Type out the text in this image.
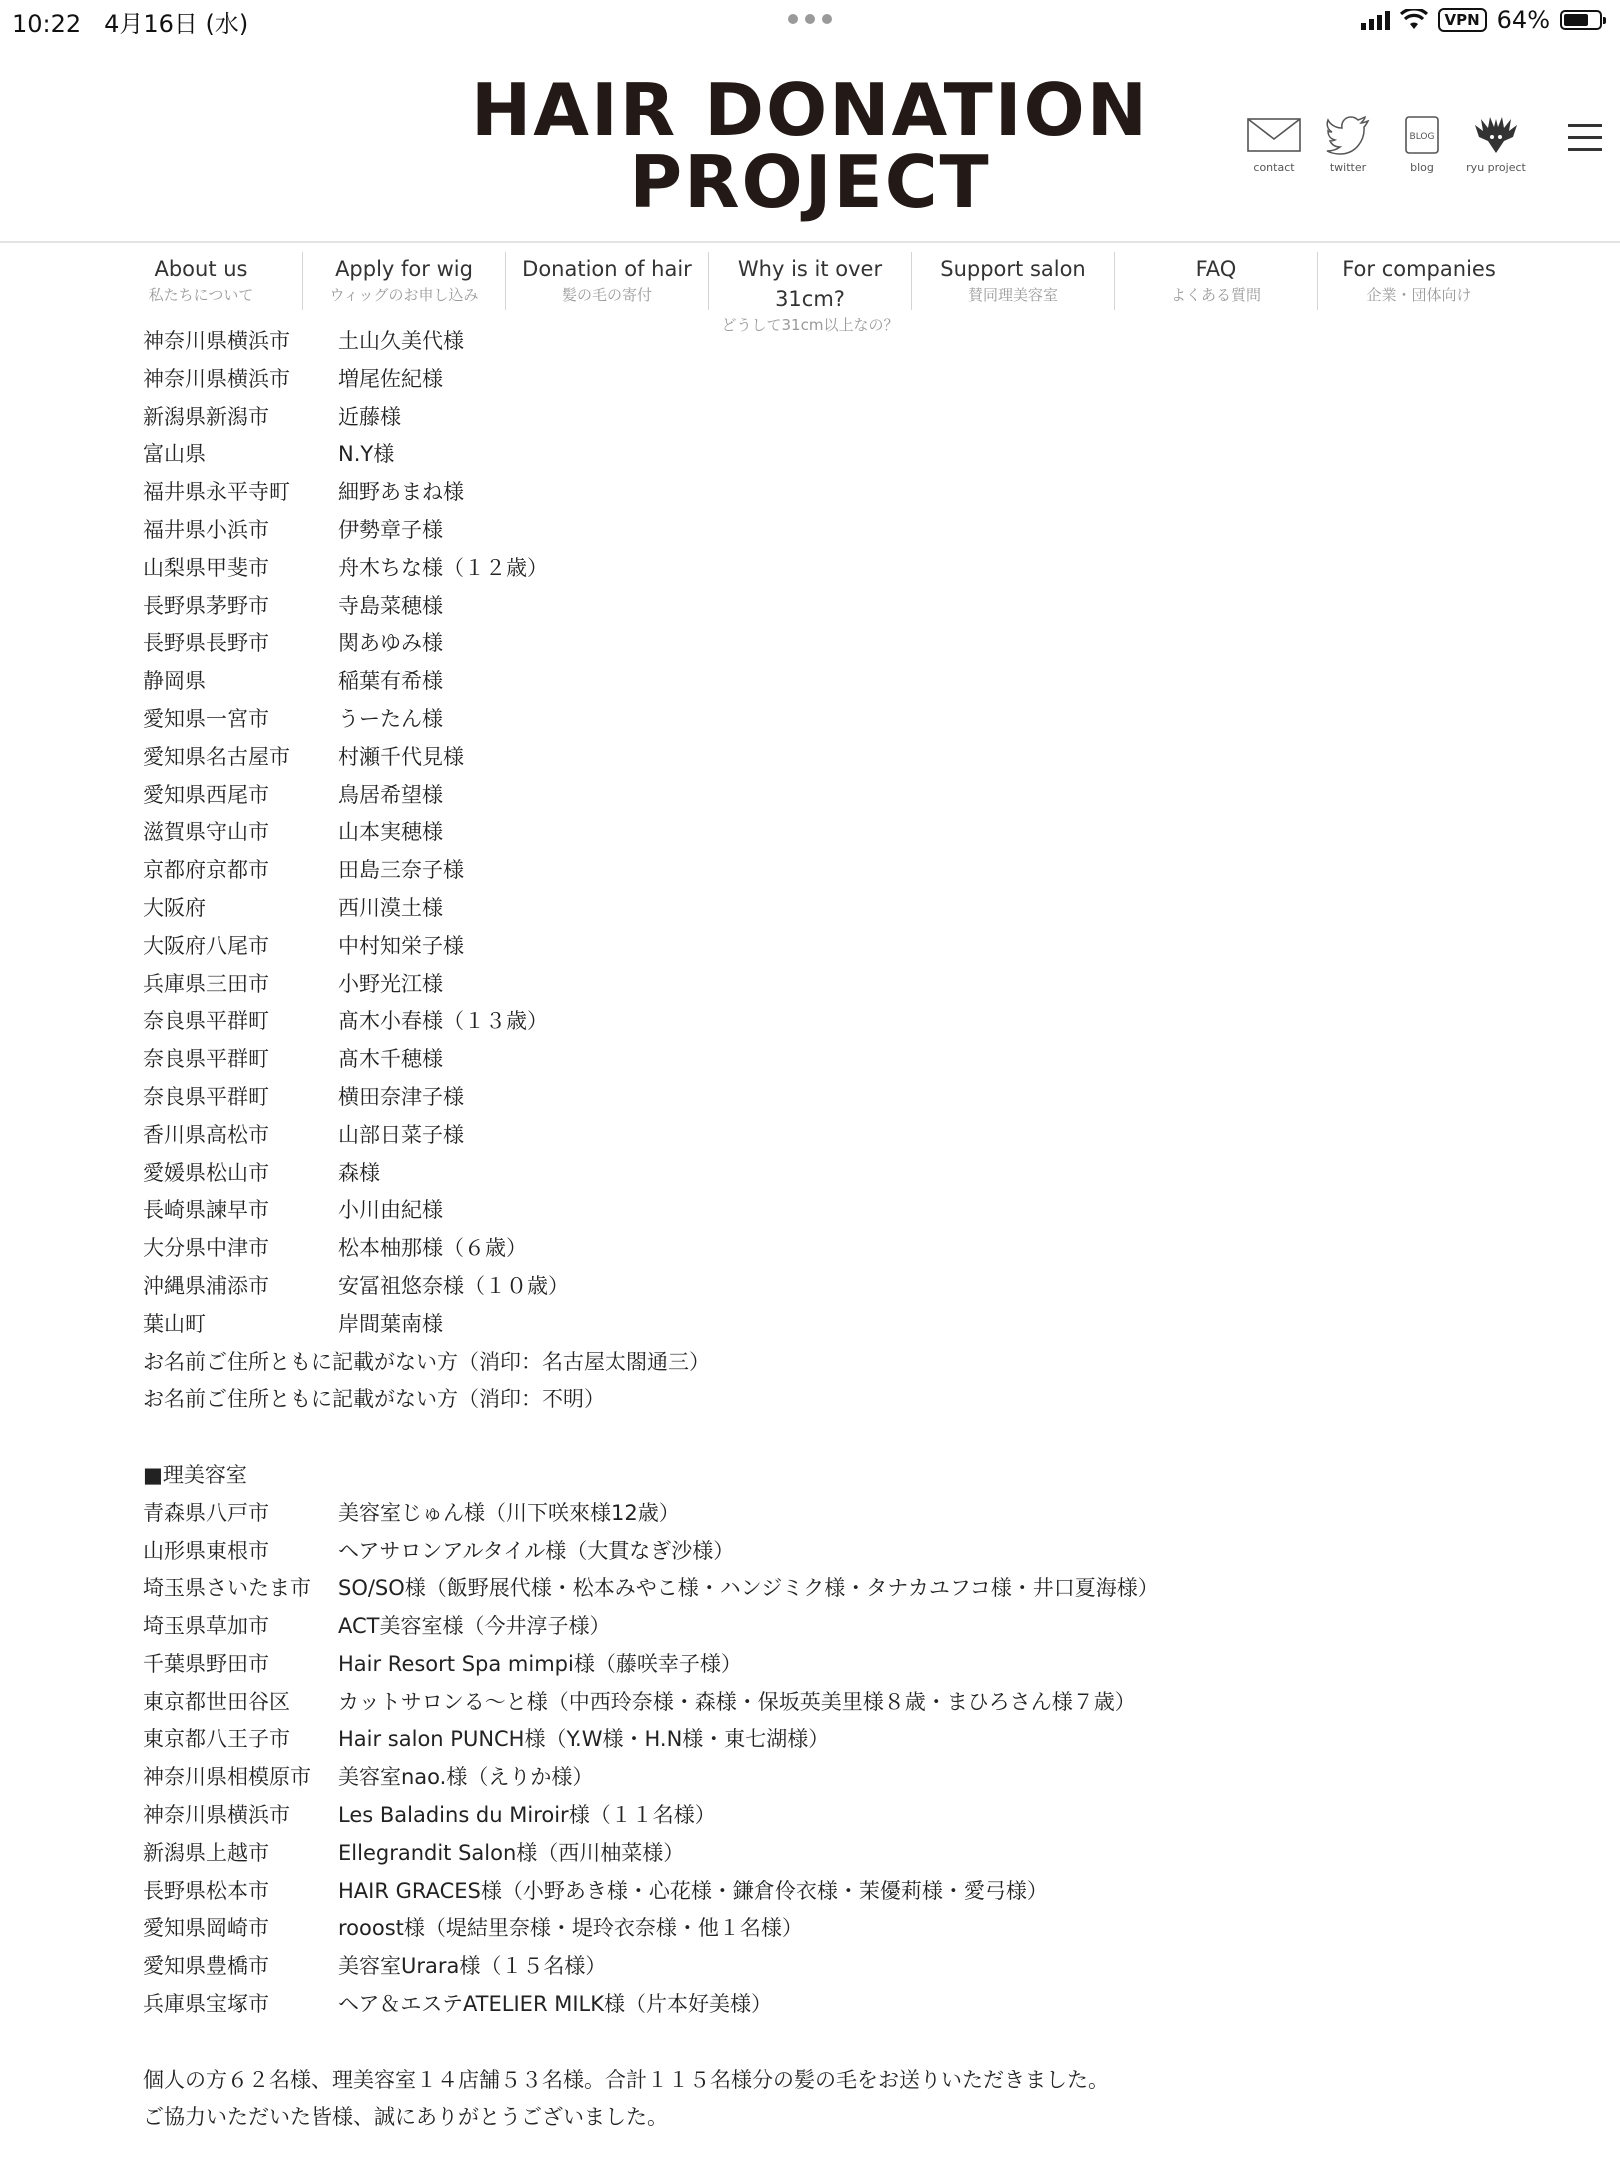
10:22 4月16日 (水)	VPN 64%
HAIR DONATION
PROJECT	contact	twitter
BLOG
blog	ryu project
About us
私たちについて
Apply for wig
ウィッグのお申し込み
Donation of hair
髪の毛の寄付
Why is it over 31cm?
どうして31cm以上なの？
Support salon
賛同理美容室
FAQ
よくある質問
For companies
企業・団体向け
神奈川県横浜市	土山久美代様
神奈川県横浜市	増尾佐紀様
新潟県新潟市	近藤様
富山県	N.Y様
福井県永平寺町	細野あまね様
福井県小浜市	伊勢章子様
山梨県甲斐市	舟木ちな様（１２歳）
長野県茅野市	寺島菜穂様
長野県長野市	関あゆみ様
静岡県	稲葉有希様
愛知県一宮市	うーたん様
愛知県名古屋市	村瀬千代見様
愛知県西尾市	鳥居希望様
滋賀県守山市	山本実穂様
京都府京都市	田島三奈子様
大阪府	西川漠土様
大阪府八尾市	中村知栄子様
兵庫県三田市	小野光江様
奈良県平群町	髙木小春様（１３歳）
奈良県平群町	髙木千穂様
奈良県平群町	横田奈津子様
香川県高松市	山部日菜子様
愛媛県松山市	森様
長崎県諫早市	小川由紀様
大分県中津市	松本柚那様（６歳）
沖縄県浦添市	安冨祖悠奈様（１０歳）
葉山町	岸間葉南様
お名前ご住所ともに記載がない方（消印：名古屋太閤通三）
お名前ご住所ともに記載がない方（消印：不明）
■理美容室
青森県八戸市	美容室じゅん様（川下咲來様12歳）
山形県東根市	ヘアサロンアルタイル様（大貫なぎ沙様）
埼玉県さいたま市	SO/SO様（飯野展代様・松本みやこ様・ハンジミク様・タナカユフコ様・井口夏海様）
埼玉県草加市	ACT美容室様（今井淳子様）
千葉県野田市	Hair Resort Spa mimpi様（藤咲幸子様）
東京都世田谷区	カットサロンる〜と様（中西玲奈様・森様・保坂英美里様８歳・まひろさん様７歳）
東京都八王子市	Hair salon PUNCH様（Y.W様・H.N様・東七湖様）
神奈川県相模原市	美容室nao.様（えりか様）
神奈川県横浜市	Les Baladins du Miroir様（１１名様）
新潟県上越市	Ellegrandit Salon様（西川柚菜様）
長野県松本市	HAIR GRACES様（小野あき様・心花様・鎌倉伶衣様・茉優莉様・愛弓様）
愛知県岡崎市	rooost様（堤結里奈様・堤玲衣奈様・他１名様）
愛知県豊橋市	美容室Urara様（１５名様）
兵庫県宝塚市	ヘア＆エステATELIER MILK様（片本好美様）
個人の方６２名様、理美容室１４店舗５３名様。合計１１５名様分の髪の毛をお送りいただきました。
ご協力いただいた皆様、誠にありがとうございました。
